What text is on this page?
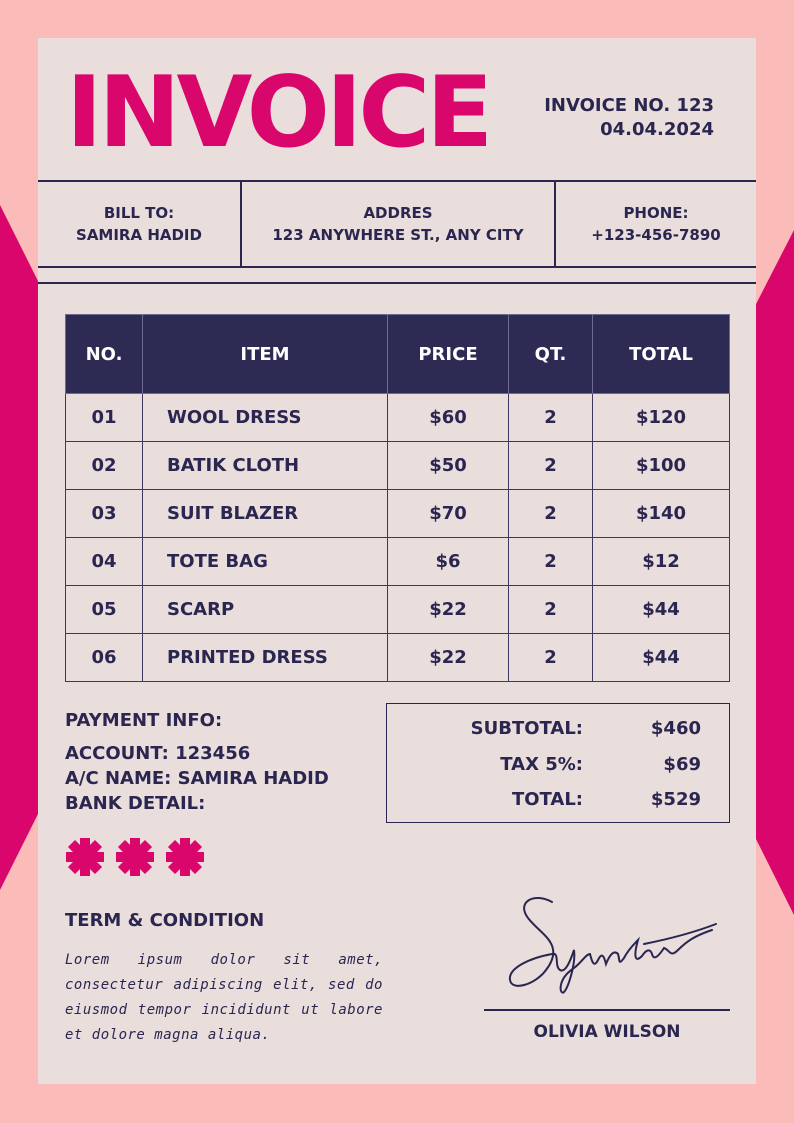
INVOICE	INVOICE NO. 123
04.04.2024
BILL TO:
SAMIRA HADID
ADDRES
123 ANYWHERE ST., ANY CITY
PHONE:
+123-456-7890
NO.	ITEM	PRICE	QT.	TOTAL
01	WOOL DRESS	$60	2	$120
02	BATIK CLOTH	$50	2	$100
03	SUIT BLAZER	$70	2	$140
04	TOTE BAG	$6	2	$12
05	SCARP	$22	2	$44
06	PRINTED DRESS	$22	2	$44
PAYMENT INFO:
ACCOUNT: 123456
A/C NAME: SAMIRA HADID
BANK DETAIL:
SUBTOTAL:	$460
TAX 5%:	$69
TOTAL:	$529
TERM & CONDITION
Lorem ipsum dolor sit amet, consectetur adipiscing elit, sed do eiusmod tempor incididunt ut labore et dolore magna aliqua.	OLIVIA WILSON
